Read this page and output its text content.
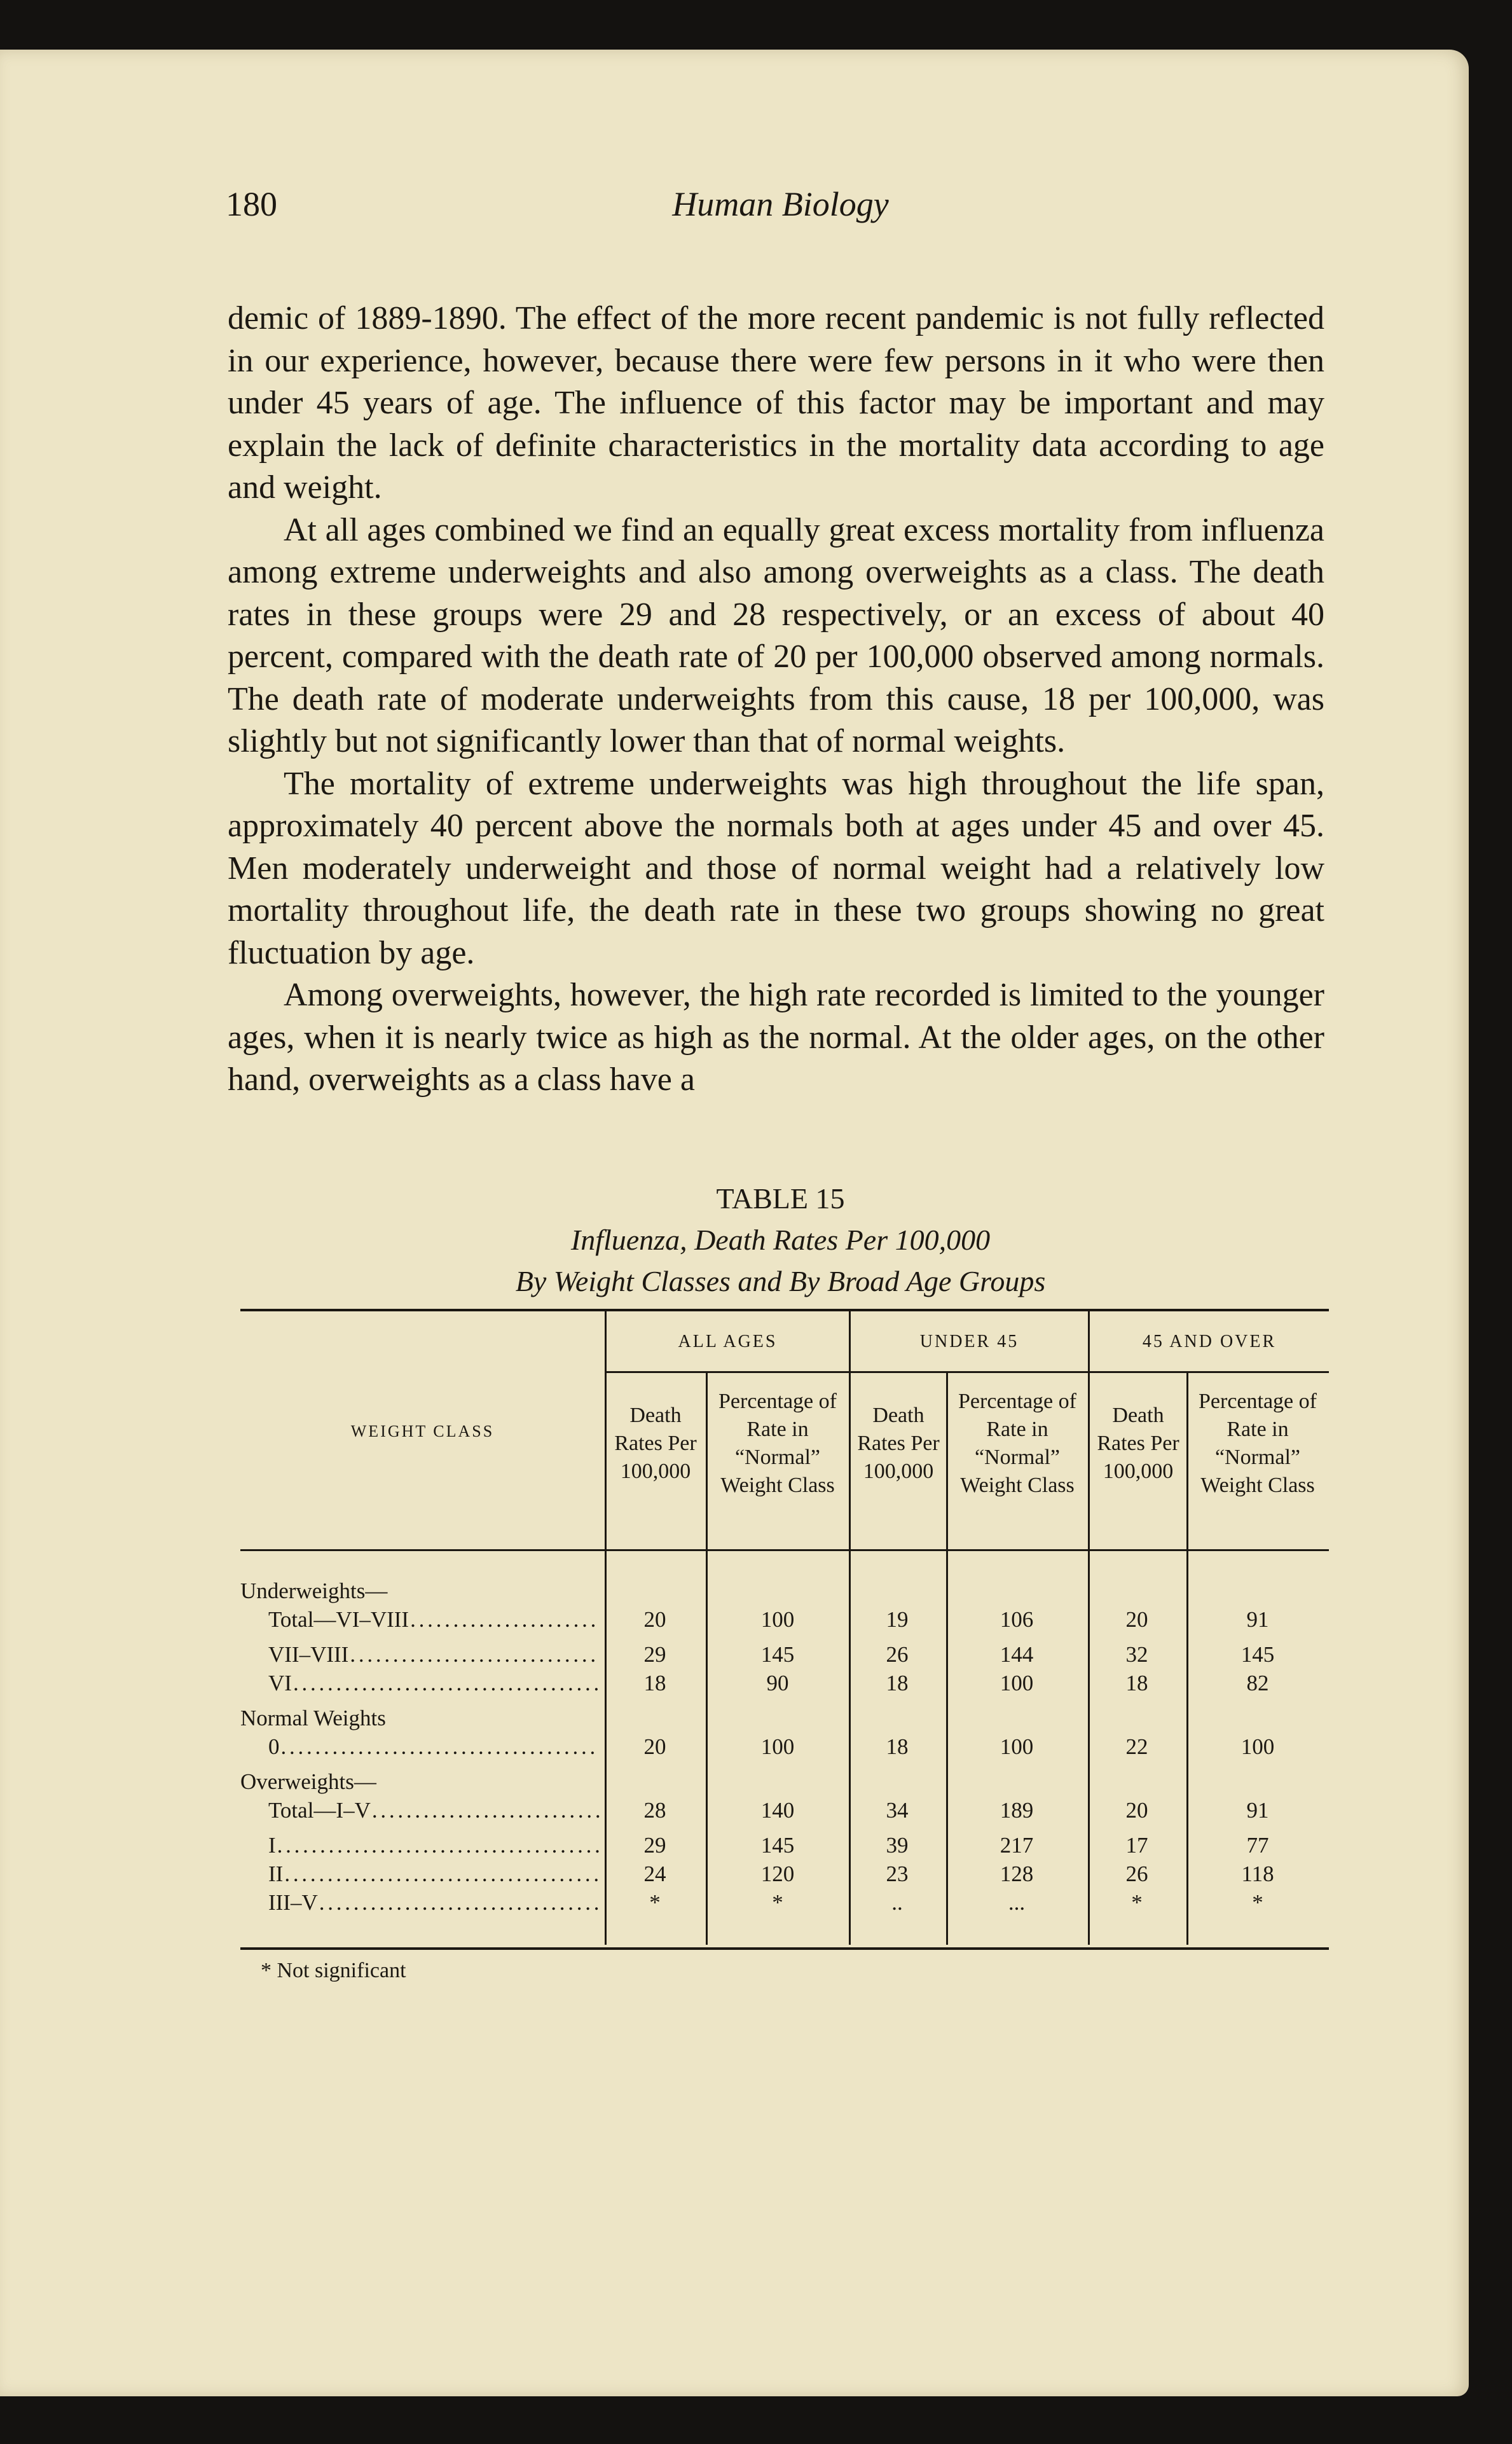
180	Human Biology

demic of 1889-1890. The effect of the more recent pandemic is not fully reflected in our experience, however, because there were few persons in it who were then under 45 years of age. The influence of this factor may be important and may explain the lack of definite characteristics in the mortality data according to age and weight.

At all ages combined we find an equally great excess mortality from influenza among extreme underweights and also among overweights as a class. The death rates in these groups were 29 and 28 respectively, or an excess of about 40 percent, compared with the death rate of 20 per 100,000 observed among normals. The death rate of moderate underweights from this cause, 18 per 100,000, was slightly but not significantly lower than that of normal weights.

The mortality of extreme underweights was high throughout the life span, approximately 40 percent above the normals both at ages under 45 and over 45. Men moderately underweight and those of normal weight had a relatively low mortality throughout life, the death rate in these two groups showing no great fluctuation by age.

Among overweights, however, the high rate recorded is limited to the younger ages, when it is nearly twice as high as the normal. At the older ages, on the other hand, overweights as a class have a

TABLE 15
Influenza, Death Rates Per 100,000
By Weight Classes and By Broad Age Groups
WEIGHT CLASS
ALL AGES	UNDER 45	45 AND OVER
Death Rates Per 100,000
Percentage of Rate in “Normal” Weight Class
Death Rates Per 100,000
Percentage of Rate in “Normal” Weight Class
Death Rates Per 100,000
Percentage of Rate in “Normal” Weight Class
Underweights—
Total—VI–VIII . . .	20	100	19	106	20	91
VII–VIII . . .	29	145	26	144	32	145
VI . . .	18	90	18	100	18	82
Normal Weights
0 . . .	20	100	18	100	22	100
Overweights—
Total—I–V . . .	28	140	34	189	20	91
I . . .	29	145	39	217	17	77
II . . .	24	120	23	128	26	118
III–V . . .	*	*	..	...	*	*
* Not significant
